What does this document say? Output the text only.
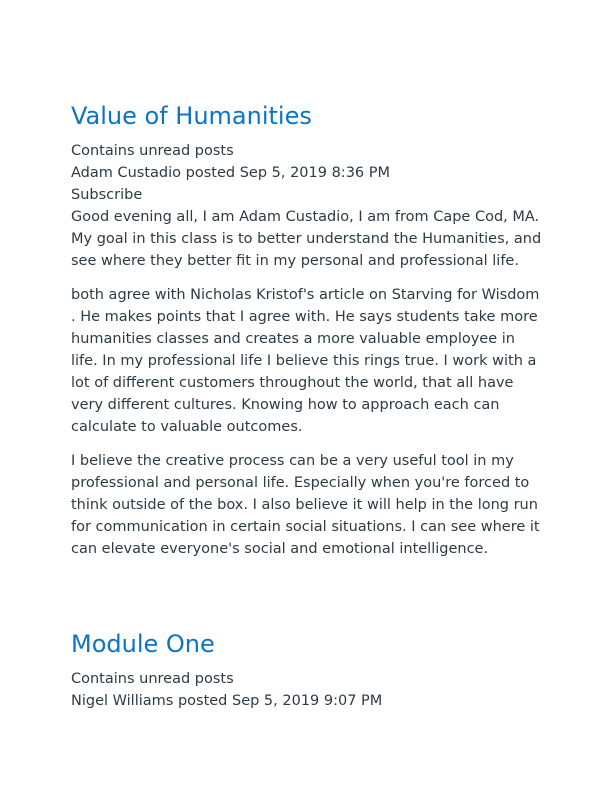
Value of Humanities
Contains unread posts
Adam Custadio posted Sep 5, 2019 8:36 PM
Subscribe

Good evening all, I am Adam Custadio, I am from Cape Cod, MA. My goal in this class is to better understand the Humanities, and see where they better fit in my personal and professional life.

both agree with Nicholas Kristof's article on Starving for Wisdom . He makes points that I agree with. He says students take more humanities classes and creates a more valuable employee in life. In my professional life I believe this rings true. I work with a lot of different customers throughout the world, that all have very different cultures. Knowing how to approach each can calculate to valuable outcomes.

I believe the creative process can be a very useful tool in my professional and personal life. Especially when you're forced to think outside of the box. I also believe it will help in the long run for communication in certain social situations. I can see where it can elevate everyone's social and emotional intelligence.

Module One
Contains unread posts
Nigel Williams posted Sep 5, 2019 9:07 PM
